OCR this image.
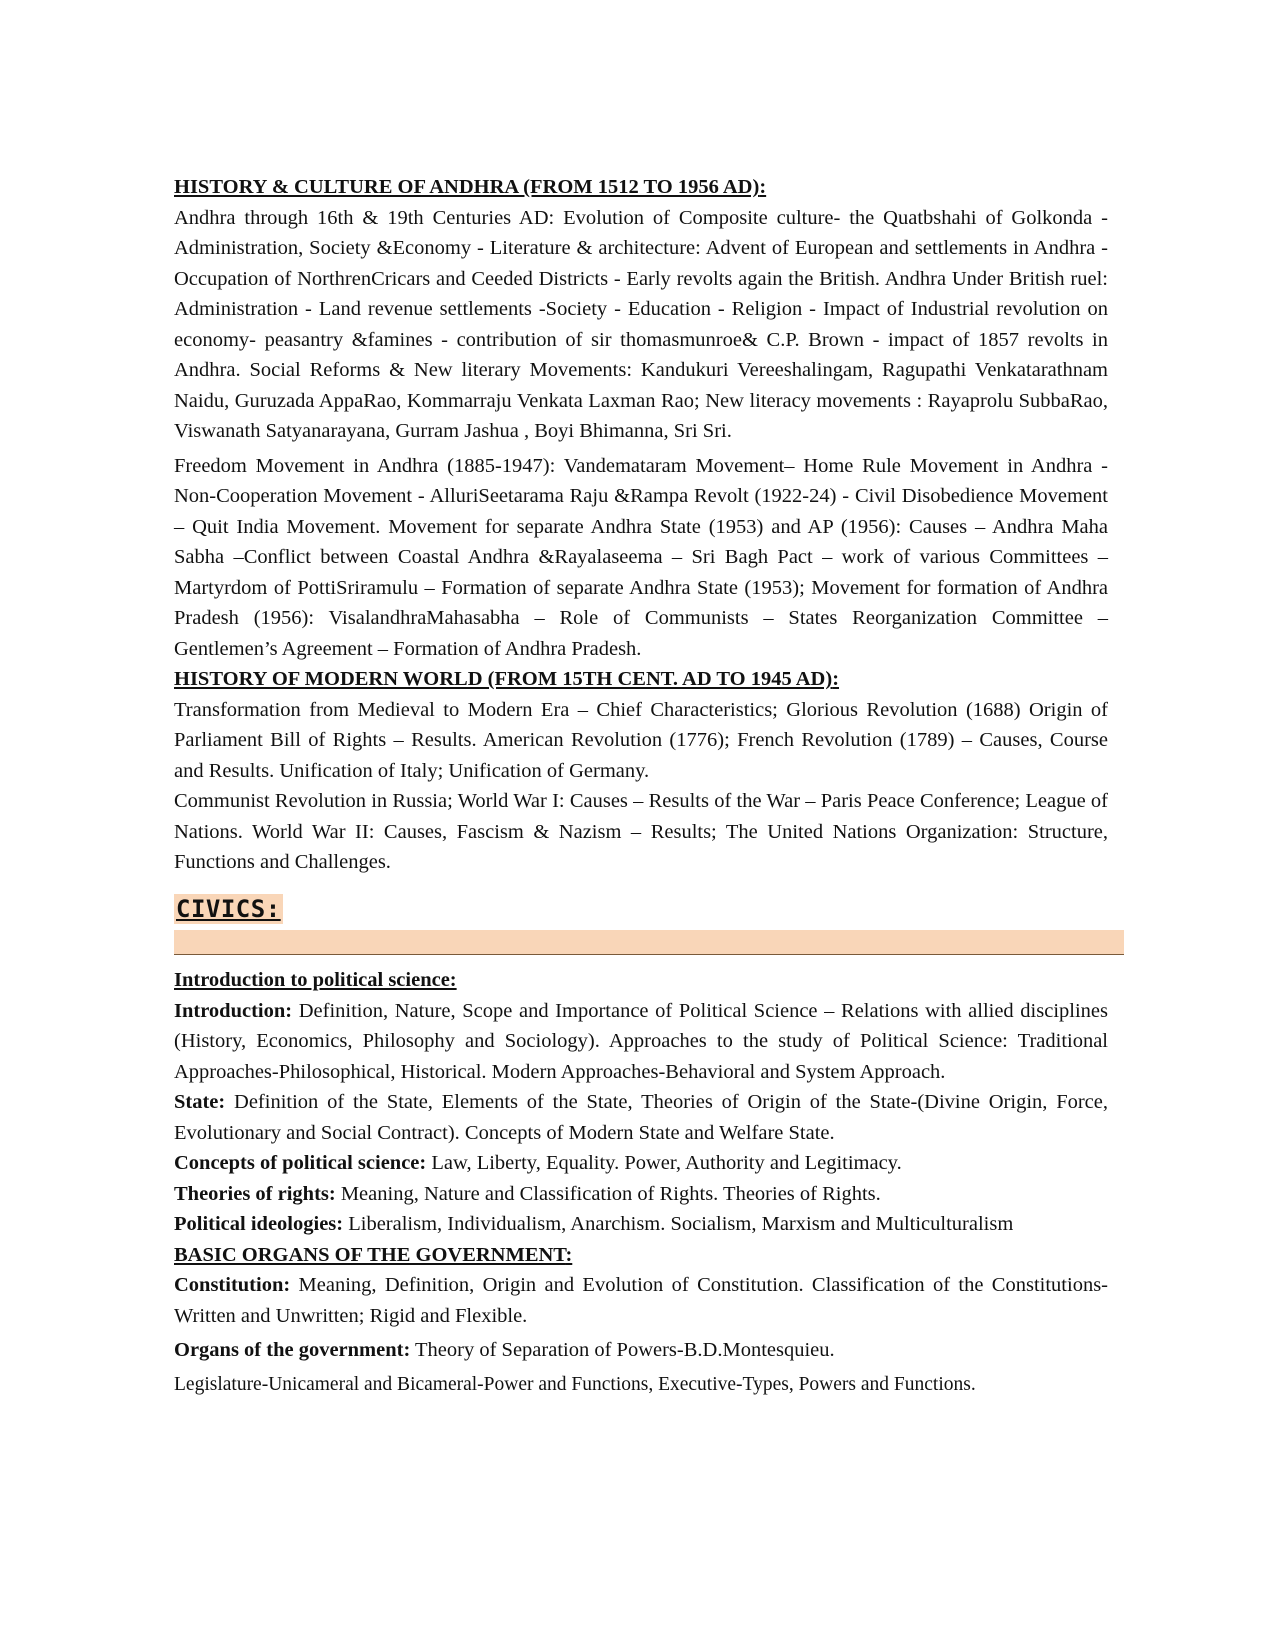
HISTORY & CULTURE OF ANDHRA (FROM 1512 TO 1956 AD):

Andhra through 16th & 19th Centuries AD: Evolution of Composite culture- the Quatbshahi of Golkonda - Administration, Society &Economy - Literature & architecture: Advent of European and settlements in Andhra - Occupation of NorthrenCricars and Ceeded Districts - Early revolts again the British. Andhra Under British ruel: Administration - Land revenue settlements -Society - Education - Religion - Impact of Industrial revolution on economy- peasantry &famines - contribution of sir thomasmunroe& C.P. Brown - impact of 1857 revolts in Andhra. Social Reforms & New literary Movements: Kandukuri Vereeshalingam, Ragupathi Venkatarathnam Naidu, Guruzada AppaRao, Kommarraju Venkata Laxman Rao; New literacy movements : Rayaprolu SubbaRao, Viswanath Satyanarayana, Gurram Jashua , Boyi Bhimanna, Sri Sri.

Freedom Movement in Andhra (1885-1947): Vandemataram Movement– Home Rule Movement in Andhra - Non-Cooperation Movement - AlluriSeetarama Raju &Rampa Revolt (1922-24) - Civil Disobedience Movement – Quit India Movement. Movement for separate Andhra State (1953) and AP (1956): Causes – Andhra Maha Sabha –Conflict between Coastal Andhra &Rayalaseema – Sri Bagh Pact – work of various Committees – Martyrdom of PottiSriramulu – Formation of separate Andhra State (1953); Movement for formation of Andhra Pradesh (1956): VisalandhraMahasabha – Role of Communists – States Reorganization Committee – Gentlemen’s Agreement – Formation of Andhra Pradesh.

HISTORY OF MODERN WORLD (FROM 15TH CENT. AD TO 1945 AD):

Transformation from Medieval to Modern Era – Chief Characteristics; Glorious Revolution (1688) Origin of Parliament Bill of Rights – Results. American Revolution (1776); French Revolution (1789) – Causes, Course and Results. Unification of Italy; Unification of Germany.

Communist Revolution in Russia; World War I: Causes – Results of the War – Paris Peace Conference; League of Nations. World War II: Causes, Fascism & Nazism – Results; The United Nations Organization: Structure, Functions and Challenges.

CIVICS:
Introduction to political science:

Introduction: Definition, Nature, Scope and Importance of Political Science – Relations with allied disciplines (History, Economics, Philosophy and Sociology). Approaches to the study of Political Science: Traditional Approaches-Philosophical, Historical. Modern Approaches-Behavioral and System Approach.

State: Definition of the State, Elements of the State, Theories of Origin of the State-(Divine Origin, Force, Evolutionary and Social Contract). Concepts of Modern State and Welfare State.

Concepts of political science: Law, Liberty, Equality. Power, Authority and Legitimacy.

Theories of rights: Meaning, Nature and Classification of Rights. Theories of Rights.

Political ideologies: Liberalism, Individualism, Anarchism. Socialism, Marxism and Multiculturalism

BASIC ORGANS OF THE GOVERNMENT:

Constitution: Meaning, Definition, Origin and Evolution of Constitution. Classification of the Constitutions-Written and Unwritten; Rigid and Flexible.

Organs of the government: Theory of Separation of Powers-B.D.Montesquieu.

Legislature-Unicameral and Bicameral-Power and Functions, Executive-Types, Powers and Functions.
